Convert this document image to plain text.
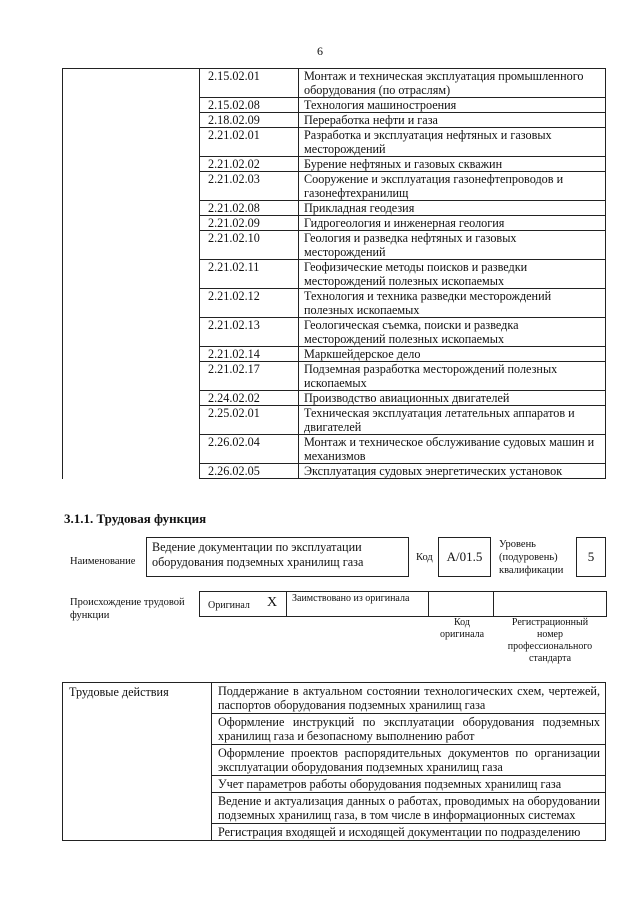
6
	2.15.02.01	Монтаж и техническая эксплуатация промышленного оборудования (по отраслям)
	2.15.02.08	Технология машиностроения
	2.18.02.09	Переработка нефти и газа
	2.21.02.01	Разработка и эксплуатация нефтяных и газовых месторождений
	2.21.02.02	Бурение нефтяных и газовых скважин
	2.21.02.03	Сооружение и эксплуатация газонефтепроводов и газонефтехранилищ
	2.21.02.08	Прикладная геодезия
	2.21.02.09	Гидрогеология и инженерная геология
	2.21.02.10	Геология и разведка нефтяных и газовых месторождений
	2.21.02.11	Геофизические методы поисков и разведки месторождений полезных ископаемых
	2.21.02.12	Технология и техника разведки месторождений полезных ископаемых
	2.21.02.13	Геологическая съемка, поиски и разведка месторождений полезных ископаемых
	2.21.02.14	Маркшейдерское дело
	2.21.02.17	Подземная разработка месторождений полезных ископаемых
	2.24.02.02	Производство авиационных двигателей
	2.25.02.01	Техническая эксплуатация летательных аппаратов и двигателей
	2.26.02.04	Монтаж и техническое обслуживание судовых машин и механизмов
	2.26.02.05	Эксплуатация судовых энергетических установок
3.1.1. Трудовая функция
Наименование
Ведение документации по эксплуатации оборудования подземных хранилищ газа	Код	A/01.5
Уровень (подуровень) квалификации
5
Происхождение трудовой функции
Оригинал X Заимствовано из оригинала
Код оригинала
Регистрационный номер профессионального стандарта
Трудовые действия	Поддержание в актуальном состоянии технологических схем, чертежей, паспортов оборудования подземных хранилищ газа
Оформление инструкций по эксплуатации оборудования подземных хранилищ газа и безопасному выполнению работ
Оформление проектов распорядительных документов по организации эксплуатации оборудования подземных хранилищ газа
Учет параметров работы оборудования подземных хранилищ газа
Ведение и актуализация данных о работах, проводимых на оборудовании подземных хранилищ газа, в том числе в информационных системах
Регистрация входящей и исходящей документации по подразделению
